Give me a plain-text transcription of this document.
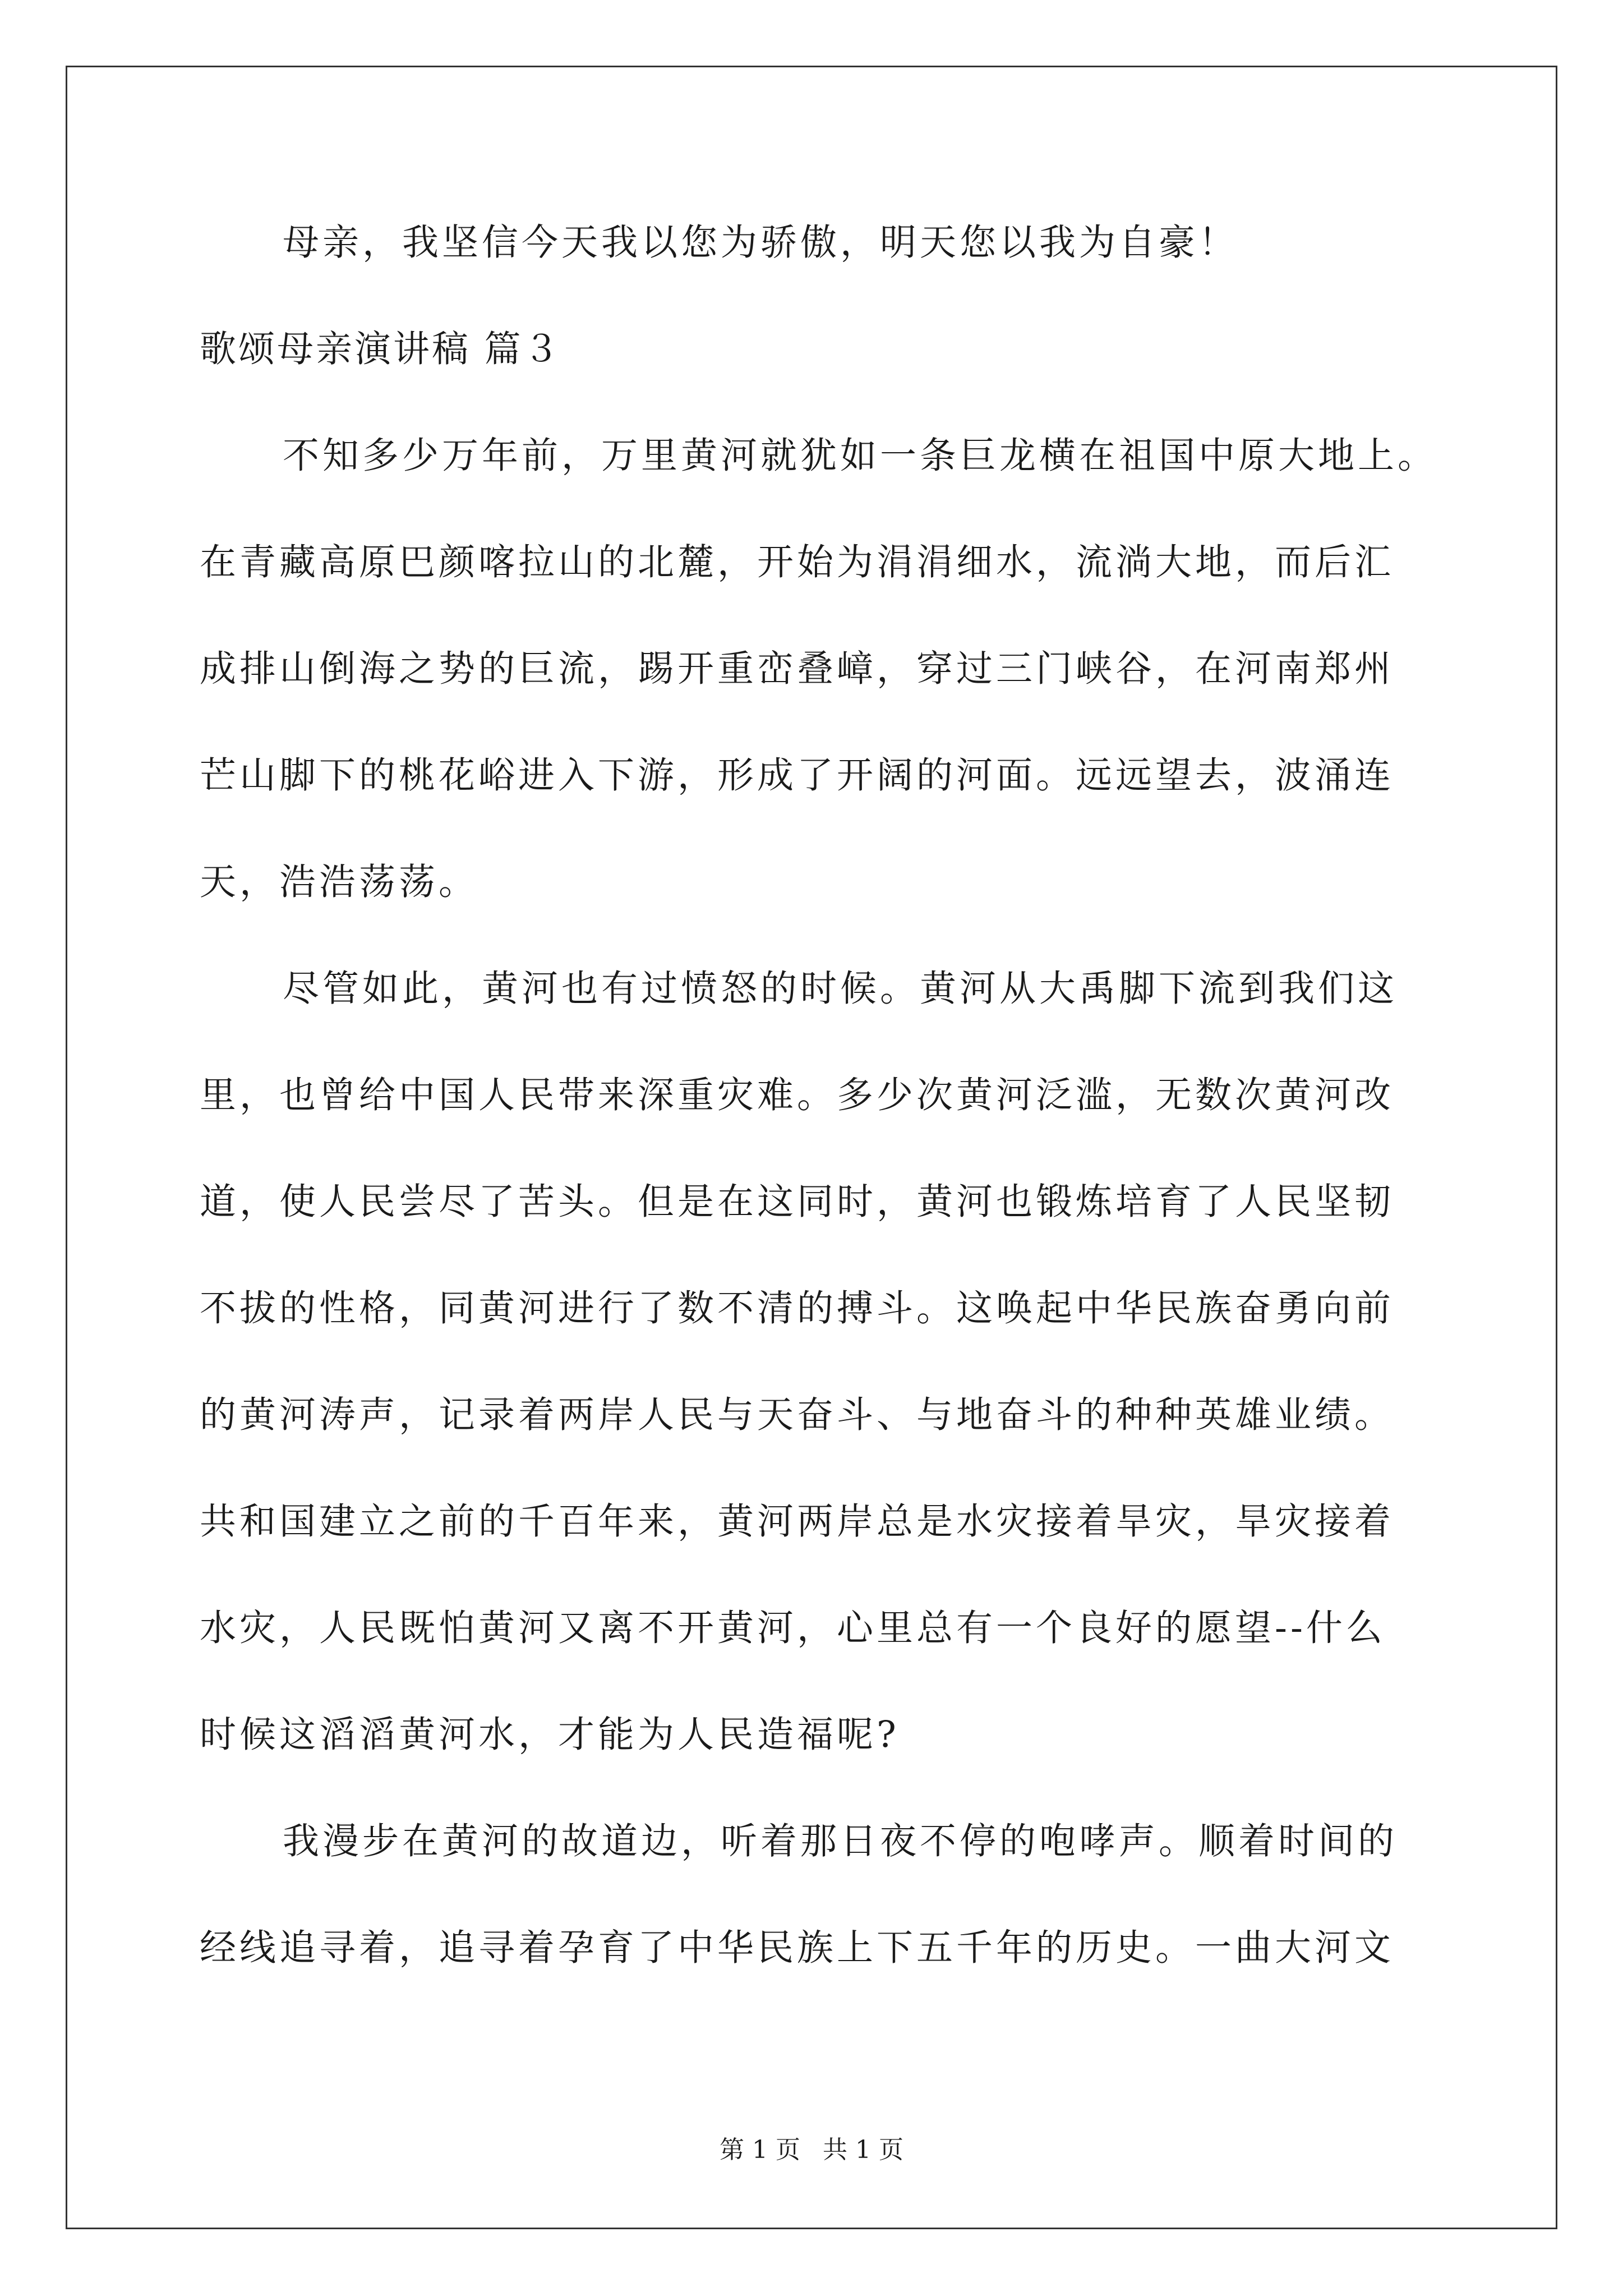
母亲，我坚信今天我以您为骄傲，明天您以我为自豪！
歌颂母亲演讲稿 篇３
不知多少万年前，万里黄河就犹如一条巨龙横在祖国中原大地上。
在青藏高原巴颜喀拉山的北麓，开始为涓涓细水，流淌大地，而后汇
成排山倒海之势的巨流，踢开重峦叠嶂，穿过三门峡谷，在河南郑州
芒山脚下的桃花峪进入下游，形成了开阔的河面。远远望去，波涌连
天，浩浩荡荡。
尽管如此，黄河也有过愤怒的时候。黄河从大禹脚下流到我们这
里，也曾给中国人民带来深重灾难。多少次黄河泛滥，无数次黄河改
道，使人民尝尽了苦头。但是在这同时，黄河也锻炼培育了人民坚韧
不拔的性格，同黄河进行了数不清的搏斗。这唤起中华民族奋勇向前
的黄河涛声，记录着两岸人民与天奋斗、与地奋斗的种种英雄业绩。
共和国建立之前的千百年来，黄河两岸总是水灾接着旱灾，旱灾接着
水灾，人民既怕黄河又离不开黄河，心里总有一个良好的愿望--什么
时候这滔滔黄河水，才能为人民造福呢?
我漫步在黄河的故道边，听着那日夜不停的咆哮声。顺着时间的
经线追寻着，追寻着孕育了中华民族上下五千年的历史。一曲大河文
第 1 页 共 1 页
